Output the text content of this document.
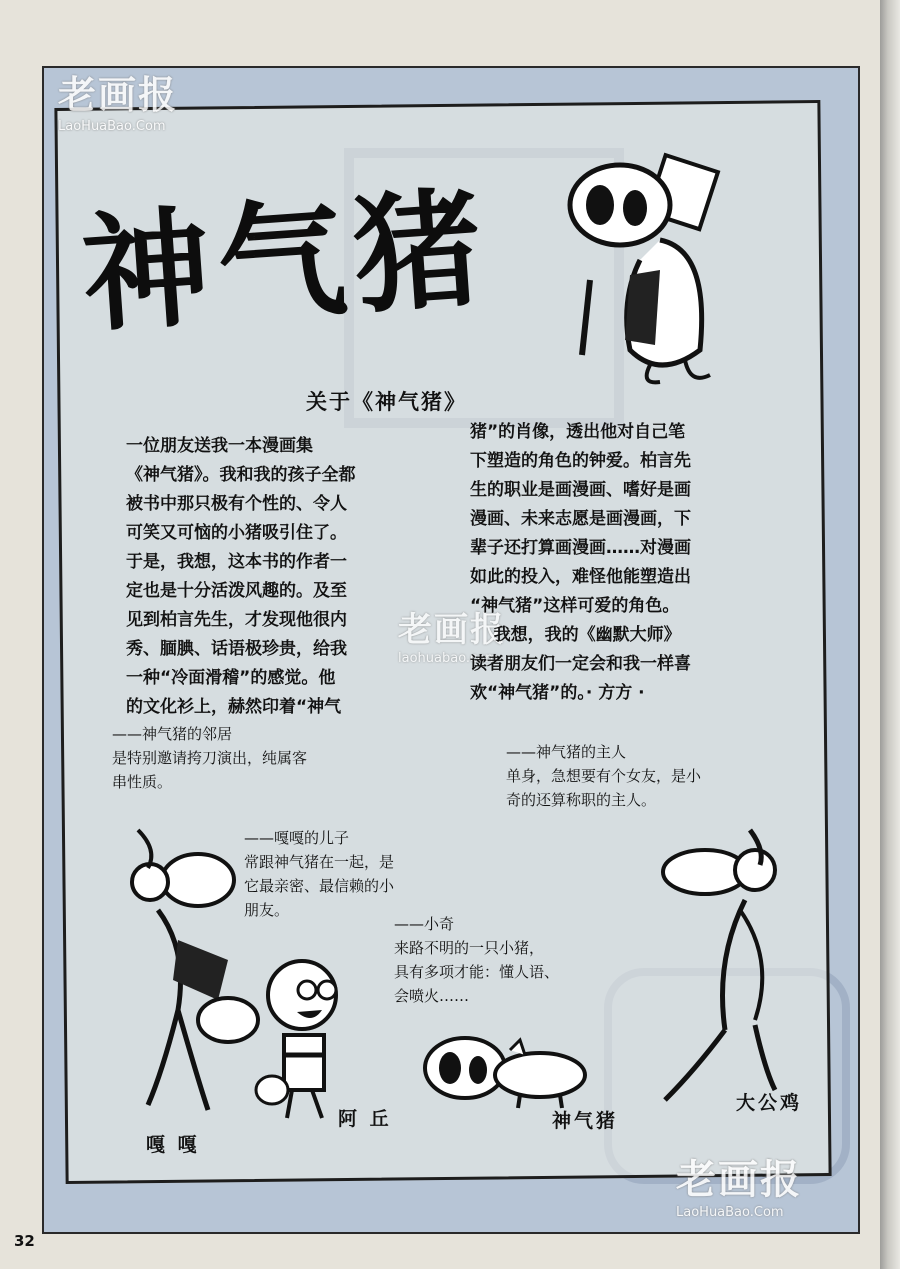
老画报
LaoHuaBao.Com
老画报
laohuabao.com
老画报
LaoHuaBao.Com
神气猪
关于《神气猪》
一位朋友送我一本漫画集
《神气猪》。我和我的孩子全都
被书中那只极有个性的、令人
可笑又可恼的小猪吸引住了。
于是，我想，这本书的作者一
定也是十分活泼风趣的。及至
见到柏言先生，才发现他很内
秀、腼腆、话语极珍贵，给我
一种“冷面滑稽”的感觉。他
的文化衫上，赫然印着“神气
猪”的肖像，透出他对自己笔
下塑造的角色的钟爱。柏言先
生的职业是画漫画、嗜好是画
漫画、未来志愿是画漫画，下
辈子还打算画漫画……对漫画
如此的投入，难怪他能塑造出
“神气猪”这样可爱的角色。
我想，我的《幽默大师》
读者朋友们一定会和我一样喜
欢“神气猪”的。· 方方 ·
——神气猪的邻居
是特别邀请挎刀演出，纯属客
串性质。
——神气猪的主人
单身，急想要有个女友，是小
奇的还算称职的主人。
——嘎嘎的儿子
常跟神气猪在一起，是
它最亲密、最信赖的小
朋友。
——小奇
来路不明的一只小猪，
具有多项才能：懂人语、
会喷火……
嘎 嘎
阿 丘	神气猪
大公鸡
32
